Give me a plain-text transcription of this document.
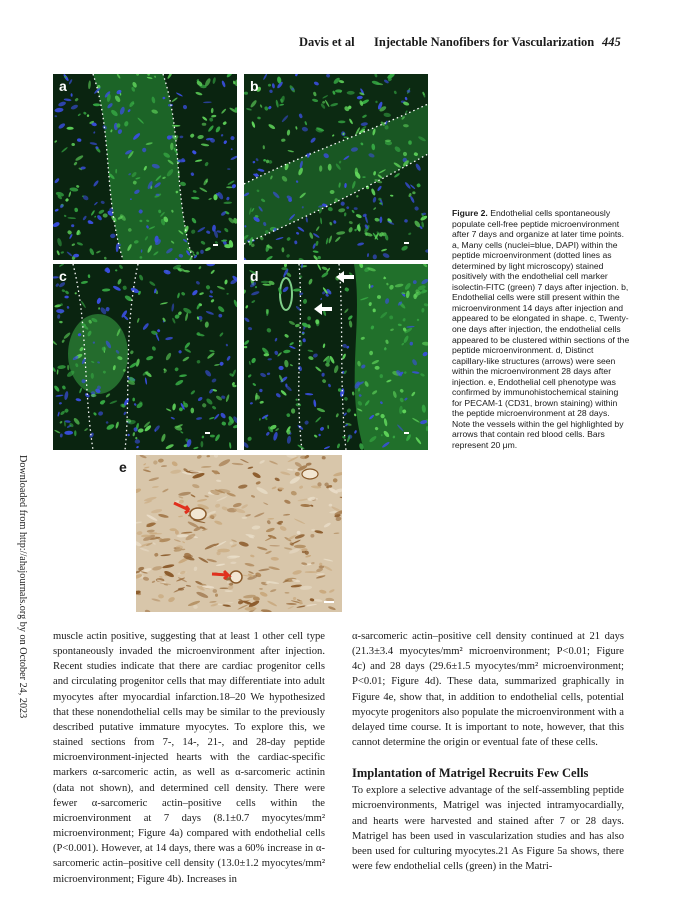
Davis et al Injectable Nanofibers for Vascularization 445
Downloaded from http://ahajournals.org by on October 24, 2023
a	b
c	d
e
Figure 2. Endothelial cells spontaneously populate cell-free peptide microenvironment after 7 days and organize at later time points. a, Many cells (nuclei=blue, DAPI) within the peptide microenvironment (dotted lines as determined by light microscopy) stained positively with the endothelial cell marker isolectin-FITC (green) 7 days after injection. b, Endothelial cells were still present within the microenvironment 14 days after injection and appeared to be elongated in shape. c, Twenty-one days after injection, the endothelial cells appeared to be clustered within sections of the peptide microenvironment. d, Distinct capillary-like structures (arrows) were seen within the microenvironment 28 days after injection. e, Endothelial cell phenotype was confirmed by immunohistochemical staining for PECAM-1 (CD31, brown staining) within the peptide microenvironment at 28 days. Note the vessels within the gel highlighted by arrows that contain red blood cells. Bars represent 20 μm.

muscle actin positive, suggesting that at least 1 other cell type spontaneously invaded the microenvironment after injection. Recent studies indicate that there are cardiac progenitor cells and circulating progenitor cells that may differentiate into adult myocytes after myocardial infarction.18–20 We hypothesized that these nonendothelial cells may be similar to the previously described putative immature myocytes. To explore this, we stained sections from 7-, 14-, 21-, and 28-day peptide microenvironment-injected hearts with the cardiac-specific markers α-sarcomeric actin, as well as α-sarcomeric actinin (data not shown), and determined cell density. There were fewer α-sarcomeric actin–positive cells within the microenvironment at 7 days (8.1±0.7 myocytes/mm² microenvironment; Figure 4a) compared with endothelial cells (P<0.001). However, at 14 days, there was a 60% increase in α-sarcomeric actin–positive cell density (13.0±1.2 myocytes/mm² microenvironment; Figure 4b). Increases in

α-sarcomeric actin–positive cell density continued at 21 days (21.3±3.4 myocytes/mm² microenvironment; P<0.01; Figure 4c) and 28 days (29.6±1.5 myocytes/mm² microenvironment; P<0.01; Figure 4d). These data, summarized graphically in Figure 4e, show that, in addition to endothelial cells, potential myocyte progenitors also populate the microenvironment with a delayed time course. It is important to note, however, that this cannot determine the origin or eventual fate of these cells.

Implantation of Matrigel Recruits Few Cells

To explore a selective advantage of the self-assembling peptide microenvironments, Matrigel was injected intramyocardially, and hearts were harvested and stained after 7 or 28 days. Matrigel has been used in vascularization studies and has also been used for culturing myocytes.21 As Figure 5a shows, there were few endothelial cells (green) in the Matri-
